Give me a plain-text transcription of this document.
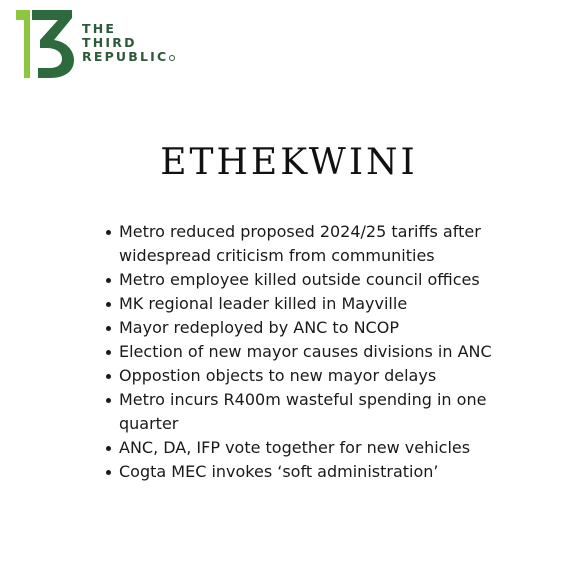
THE
THIRD
REPUBLIC
ETHEKWINI
Metro reduced proposed 2024/25 tariffs after widespread criticism from communities
Metro employee killed outside council offices
MK regional leader killed in Mayville
Mayor redeployed by ANC to NCOP
Election of new mayor causes divisions in ANC
Oppostion objects to new mayor delays
Metro incurs R400m wasteful spending in one quarter
ANC, DA, IFP vote together for new vehicles
Cogta MEC invokes ‘soft administration’
